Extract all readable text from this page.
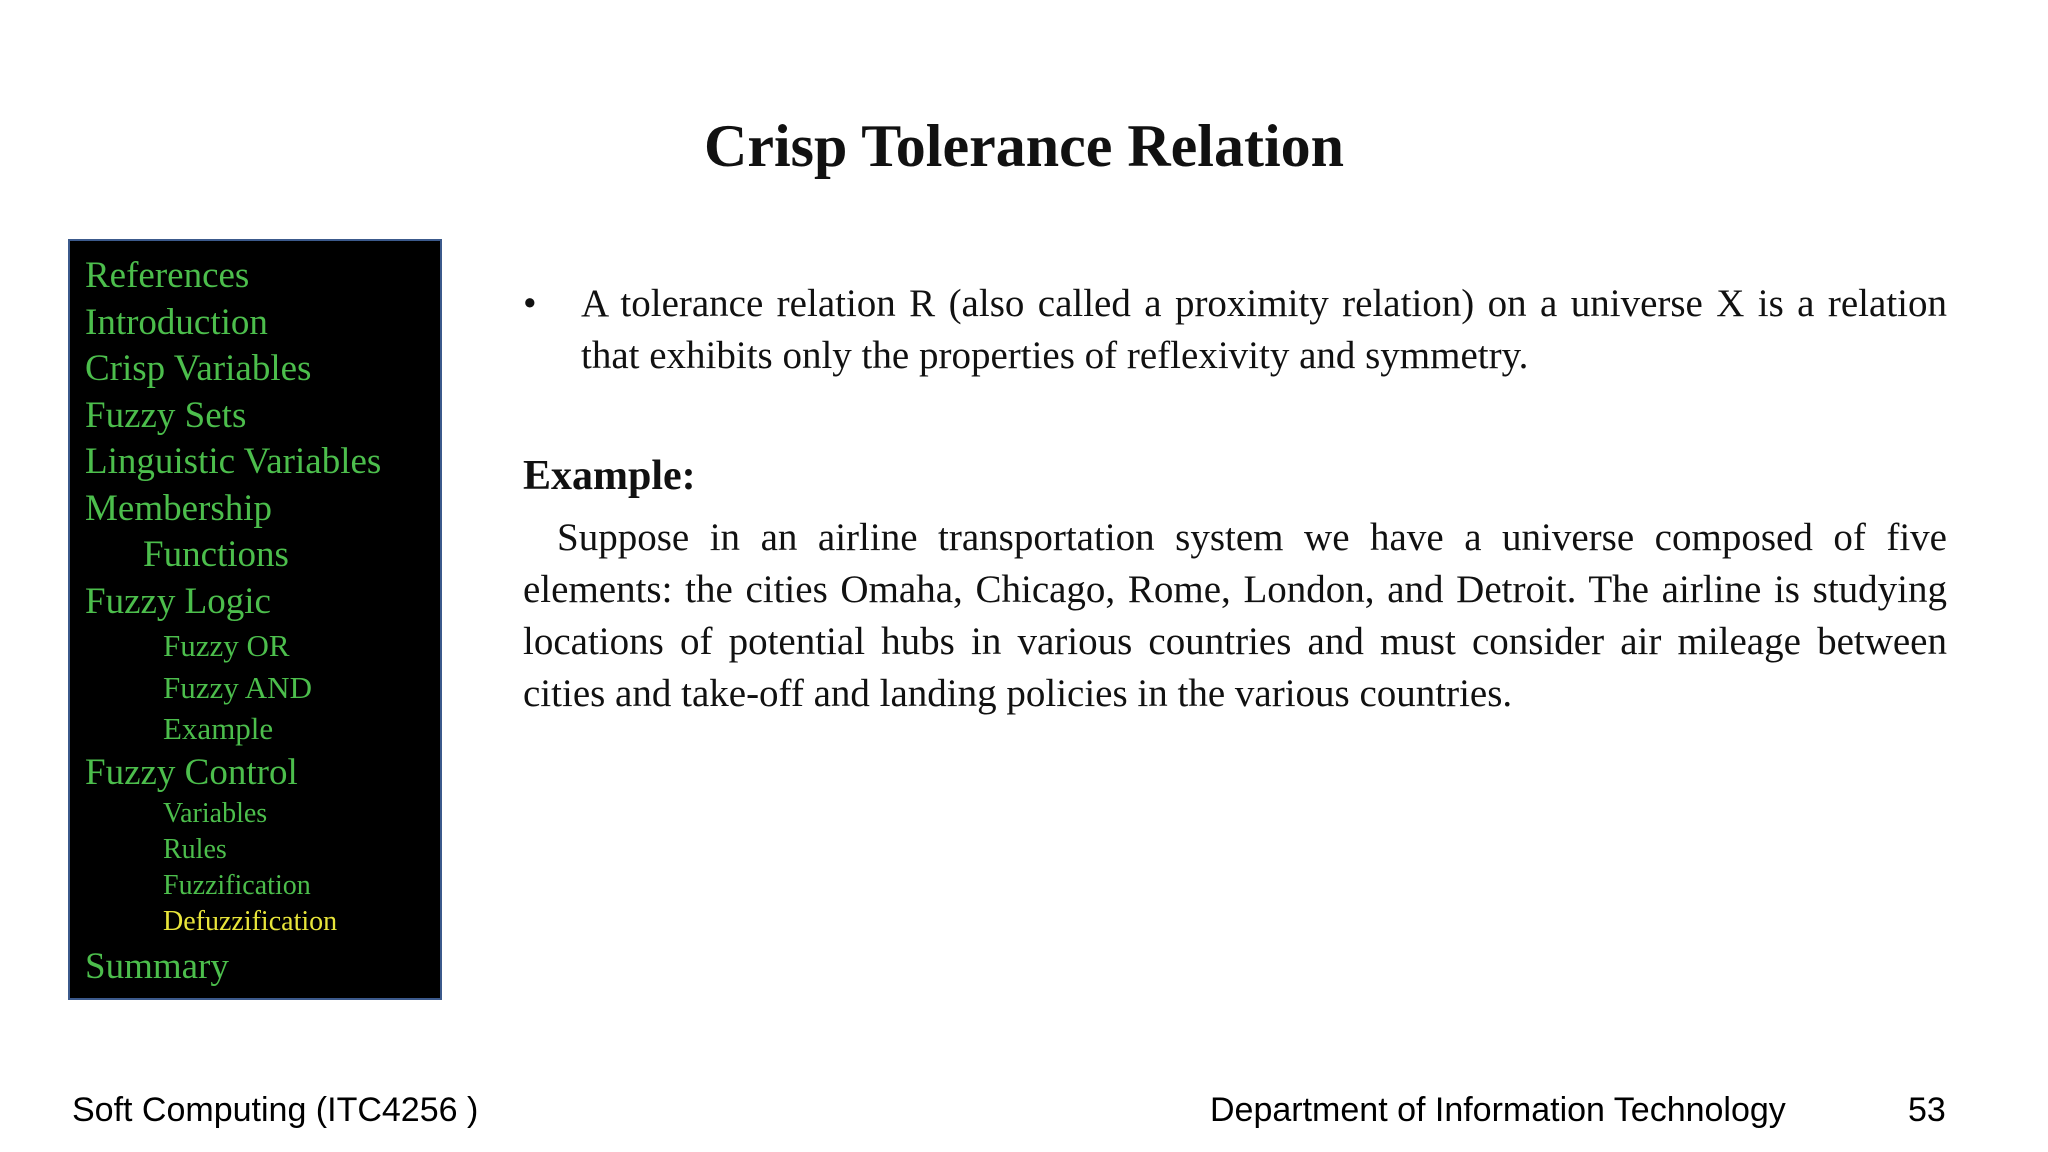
Crisp Tolerance Relation
References
Introduction
Crisp Variables
Fuzzy Sets
Linguistic Variables
Membership
Functions
Fuzzy Logic
Fuzzy OR
Fuzzy AND
Example
Fuzzy Control
Variables
Rules
Fuzzification
Defuzzification
Summary
• A tolerance relation R (also called a proximity relation) on a universe X is a relation that exhibits only the properties of reflexivity and symmetry.
Example:
Suppose in an airline transportation system we have a universe composed of five elements: the cities Omaha, Chicago, Rome, London, and Detroit. The airline is studying locations of potential hubs in various countries and must consider air mileage between cities and take-off and landing policies in the various countries.
Soft Computing (ITC4256 )	Department of Information Technology	53
